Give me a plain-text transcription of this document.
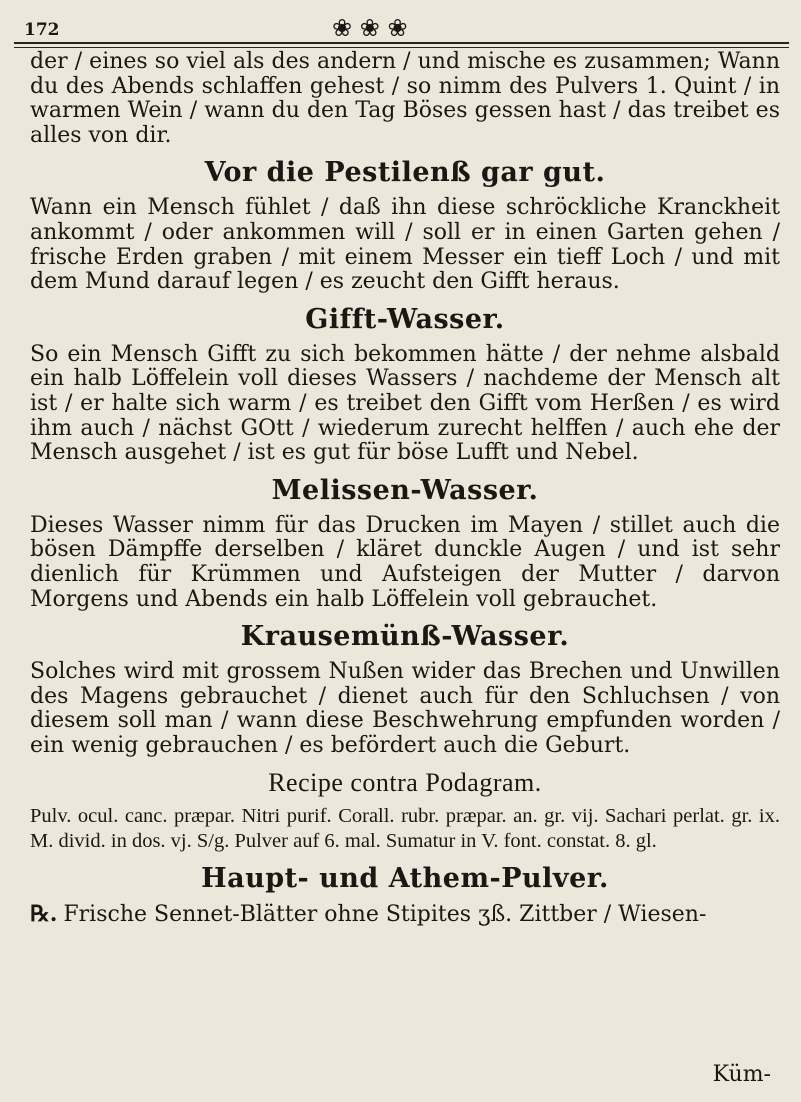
172	❀ ❀ ❀

der / eines so viel als des andern / und mische es zusammen; Wann du des Abends schlaffen gehest / so nimm des Pulvers 1. Quint / in warmen Wein / wann du den Tag Böses gessen hast / das treibet es alles von dir.

Vor die Pestilenß gar gut.

Wann ein Mensch fühlet / daß ihn diese schröckliche Kranckheit ankommt / oder ankommen will / soll er in einen Garten gehen / frische Erden graben / mit einem Messer ein tieff Loch / und mit dem Mund darauf legen / es zeucht den Gifft heraus.

Gifft-Wasser.

So ein Mensch Gifft zu sich bekommen hätte / der nehme alsbald ein halb Löffelein voll dieses Wassers / nachdeme der Mensch alt ist / er halte sich warm / es treibet den Gifft vom Herßen / es wird ihm auch / nächst GOtt / wiederum zurecht helffen / auch ehe der Mensch ausgehet / ist es gut für böse Lufft und Nebel.

Melissen-Wasser.

Dieses Wasser nimm für das Drucken im Mayen / stillet auch die bösen Dämpffe derselben / kläret dunckle Augen / und ist sehr dienlich für Krümmen und Aufsteigen der Mutter / darvon Morgens und Abends ein halb Löffelein voll gebrauchet.

Krausemünß-Wasser.

Solches wird mit grossem Nußen wider das Brechen und Unwillen des Magens gebrauchet / dienet auch für den Schluchsen / von diesem soll man / wann diese Beschwehrung empfunden worden / ein wenig gebrauchen / es befördert auch die Geburt.

Recipe contra Podagram.

Pulv. ocul. canc. præpar. Nitri purif. Corall. rubr. præpar. an. gr. vij. Sachari perlat. gr. ix. M. divid. in dos. vj. S/g. Pulver auf 6. mal. Sumatur in V. font. constat. 8. gl.

Haupt- und Athem-Pulver.

℞. Frische Sennet-Blätter ohne Stipites ʒß. Zittber / Wiesen-

Küm-
